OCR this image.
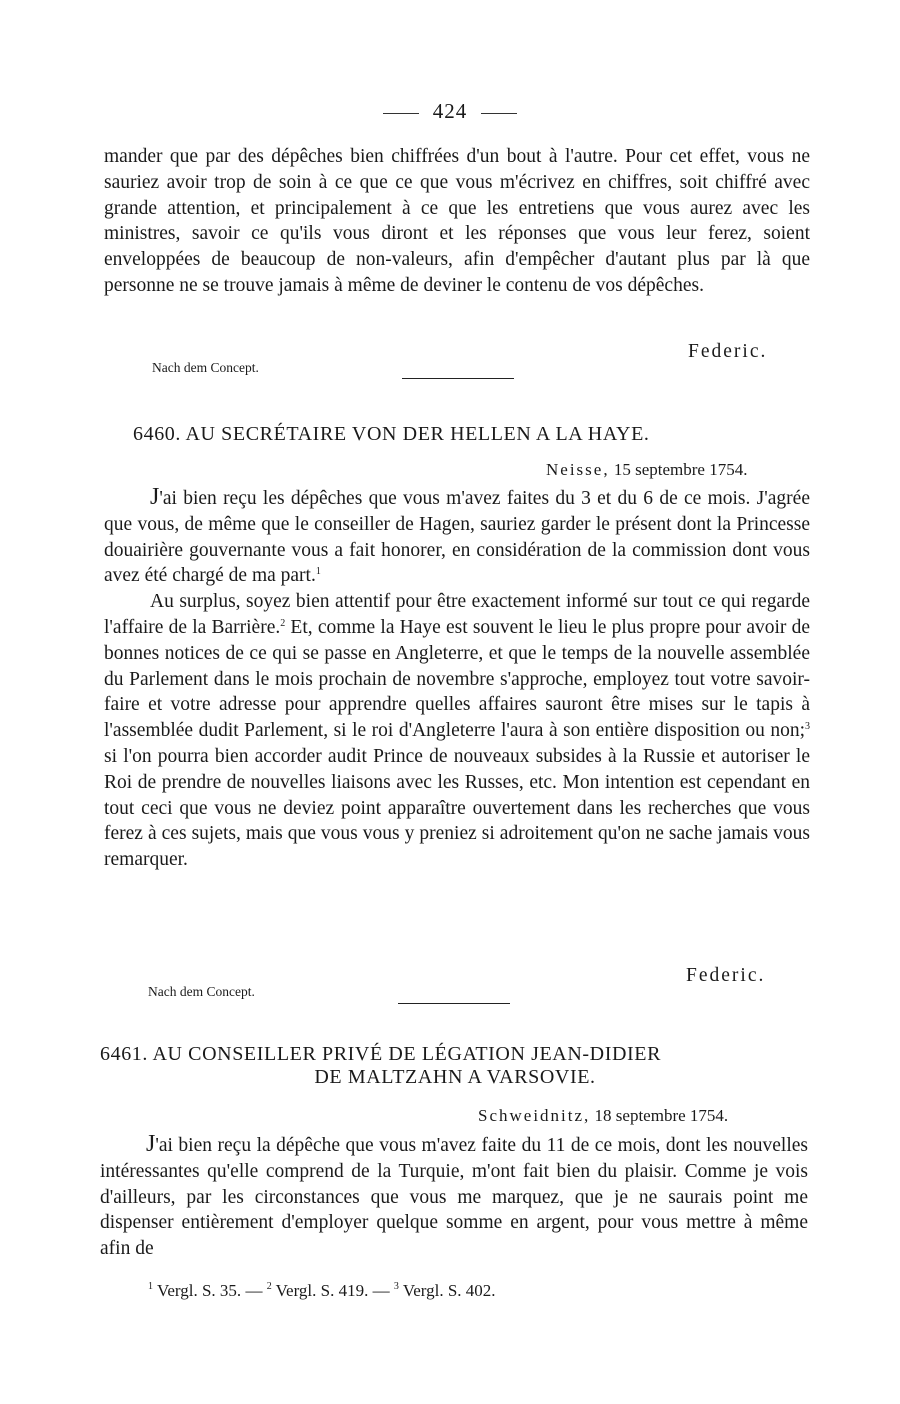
424

mander que par des dépêches bien chiffrées d'un bout à l'autre. Pour cet effet, vous ne sauriez avoir trop de soin à ce que ce que vous m'écrivez en chiffres, soit chiffré avec grande attention, et principalement à ce que les entretiens que vous aurez avec les ministres, savoir ce qu'ils vous diront et les réponses que vous leur ferez, soient enveloppées de beaucoup de non-valeurs, afin d'empêcher d'autant plus par là que personne ne se trouve jamais à même de deviner le contenu de vos dépêches.

Nach dem Concept.
Federic.
6460. AU SECRÉTAIRE VON DER HELLEN A LA HAYE.
Neisse, 15 septembre 1754.

J'ai bien reçu les dépêches que vous m'avez faites du 3 et du 6 de ce mois. J'agrée que vous, de même que le conseiller de Hagen, sauriez garder le présent dont la Princesse douairière gouvernante vous a fait honorer, en considération de la commission dont vous avez été chargé de ma part.$^1$

Au surplus, soyez bien attentif pour être exactement informé sur tout ce qui regarde l'affaire de la Barrière.$^2$ Et, comme la Haye est souvent le lieu le plus propre pour avoir de bonnes notices de ce qui se passe en Angleterre, et que le temps de la nouvelle assemblée du Parlement dans le mois prochain de novembre s'approche, employez tout votre savoir-faire et votre adresse pour apprendre quelles affaires sauront être mises sur le tapis à l'assemblée dudit Parlement, si le roi d'Angleterre l'aura à son entière disposition ou non;$^3$ si l'on pourra bien accorder audit Prince de nouveaux subsides à la Russie et autoriser le Roi de prendre de nouvelles liaisons avec les Russes, etc. Mon intention est cependant en tout ceci que vous ne deviez point apparaître ouvertement dans les recherches que vous ferez à ces sujets, mais que vous vous y preniez si adroitement qu'on ne sache jamais vous remarquer.

Nach dem Concept.
Federic.
6461. AU CONSEILLER PRIVÉ DE LÉGATION JEAN-DIDIER
DE MALTZAHN A VARSOVIE.
Schweidnitz, 18 septembre 1754.

J'ai bien reçu la dépêche que vous m'avez faite du 11 de ce mois, dont les nouvelles intéressantes qu'elle comprend de la Turquie, m'ont fait bien du plaisir. Comme je vois d'ailleurs, par les circonstances que vous me marquez, que je ne saurais point me dispenser entièrement d'employer quelque somme en argent, pour vous mettre à même afin de

$^1$ Vergl. S. 35. — $^2$ Vergl. S. 419. — $^3$ Vergl. S. 402.
